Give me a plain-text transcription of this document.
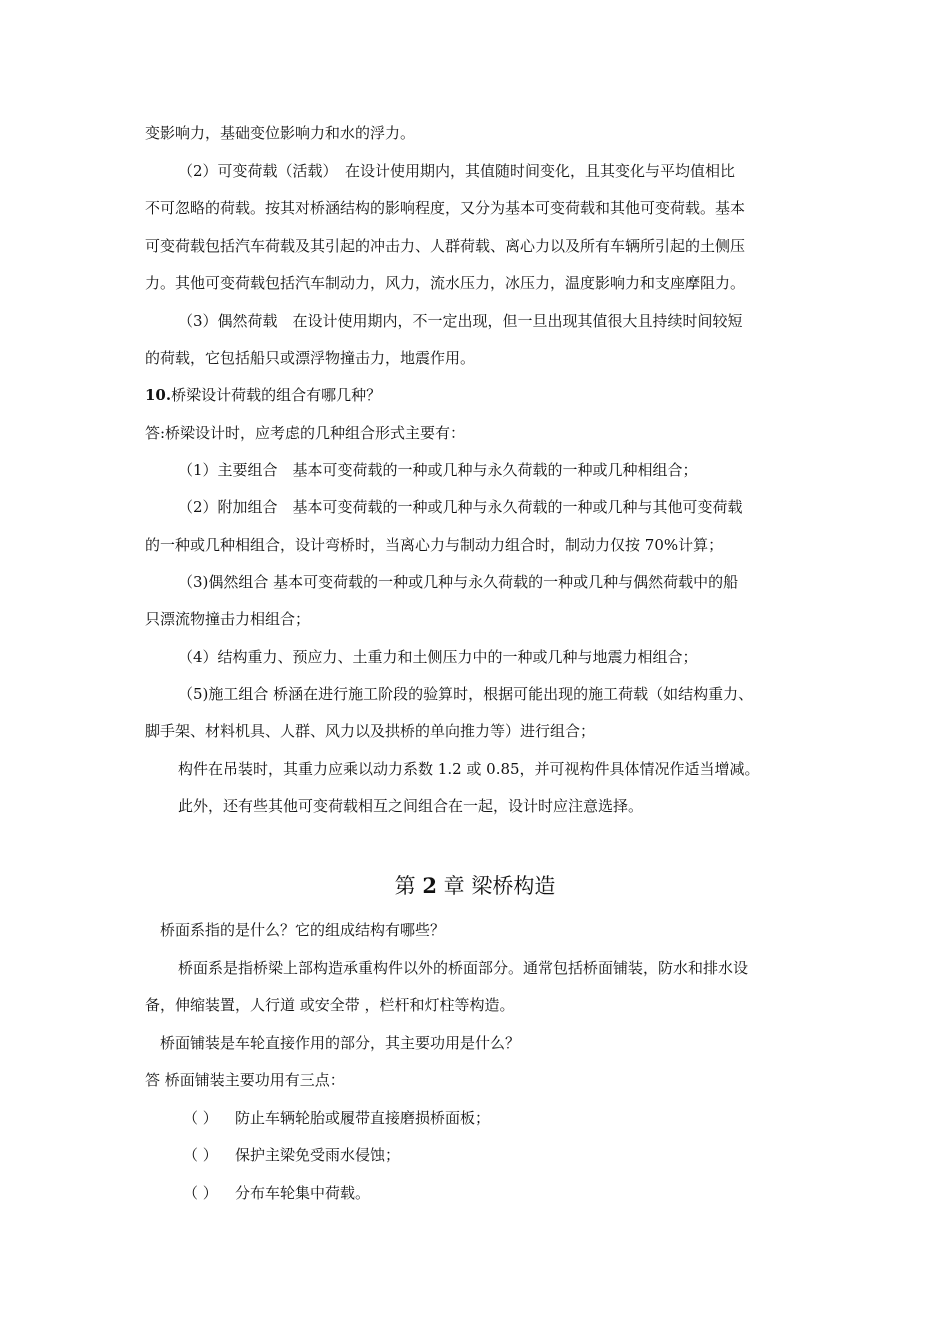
变影响力，基础变位影响力和水的浮力。
（2）可变荷载（活载）　在设计使用期内，其值随时间变化，且其变化与平均值相比
不可忽略的荷载。按其对桥涵结构的影响程度，又分为基本可变荷载和其他可变荷载。基本
可变荷载包括汽车荷载及其引起的冲击力、人群荷载、离心力以及所有车辆所引起的土侧压
力。其他可变荷载包括汽车制动力，风力，流水压力，冰压力，温度影响力和支座摩阻力。
（3）偶然荷载　在设计使用期内，不一定出现，但一旦出现其值很大且持续时间较短
的荷载，它包括船只或漂浮物撞击力，地震作用。
10.桥梁设计荷载的组合有哪几种？
答:桥梁设计时，应考虑的几种组合形式主要有：
（1）主要组合　基本可变荷载的一种或几种与永久荷载的一种或几种相组合；
（2）附加组合　基本可变荷载的一种或几种与永久荷载的一种或几种与其他可变荷载
的一种或几种相组合，设计弯桥时，当离心力与制动力组合时，制动力仅按 70%计算；
（3)偶然组合 基本可变荷载的一种或几种与永久荷载的一种或几种与偶然荷载中的船
只漂流物撞击力相组合；
（4）结构重力、预应力、土重力和土侧压力中的一种或几种与地震力相组合；
（5)施工组合 桥涵在进行施工阶段的验算时，根据可能出现的施工荷载（如结构重力、
脚手架、材料机具、人群、风力以及拱桥的单向推力等）进行组合；
构件在吊装时，其重力应乘以动力系数 1.2 或 0.85，并可视构件具体情况作适当增减。
此外，还有些其他可变荷载相互之间组合在一起，设计时应注意选择。
第 2 章 梁桥构造
桥面系指的是什么？它的组成结构有哪些？
桥面系是指桥梁上部构造承重构件以外的桥面部分。通常包括桥面铺装，防水和排水设
备，伸缩装置，人行道 或安全带 ，栏杆和灯柱等构造。
桥面铺装是车轮直接作用的部分，其主要功用是什么？
答 桥面铺装主要功用有三点：
（ ） 防止车辆轮胎或履带直接磨损桥面板；
（ ） 保护主梁免受雨水侵蚀；
（ ） 分布车轮集中荷载。
